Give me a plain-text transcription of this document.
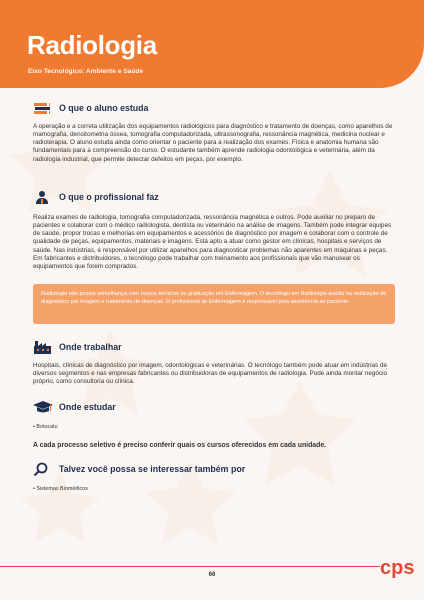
Radiologia
Eixo Tecnológico: Ambiente e Saúde
O que o aluno estuda

A operação e a correta utilização dos equipamentos radiológicos para diagnóstico e tratamento de doenças, como aparelhos de mamografia, densitometria óssea, tomografia computadorizada, ultrassonografia, ressonância magnética, medicina nuclear e radioterapia. O aluno estuda ainda como orientar o paciente para a realização dos exames. Física e anatomia humana são fundamentais para a compreensão do curso. O estudante também aprende radiologia odontológica e veterinária, além da radiologia industrial, que permite detectar defeitos em peças, por exemplo.

O que o profissional faz

Realiza exames de radiologia, tomografia computadorizada, ressonância magnética e outros. Pode auxiliar no preparo de pacientes e colaborar com o médico radiologista, dentista ou veterinário na análise de imagens. Também pode integrar equipes de saúde, propor trocas e melhorias em equipamentos e acessórios de diagnóstico por imagem e colaborar com o controle de qualidade de peças, equipamentos, materiais e imagens. Está apto a atuar como gestor em clínicas, hospitais e serviços de saúde. Nas indústrias, é responsável por utilizar aparelhos para diagnosticar problemas não aparentes em máquinas e peças. Em fabricantes e distribuidores, o tecnólogo pode trabalhar com treinamento aos profissionais que vão manusear os equipamentos que forem comprados.

Radiologia não possui semelhança com cursos técnicos ou graduação em Enfermagem. O tecnólogo em Radiologia auxilia na realização de diagnóstico por imagem e tratamento de doenças. O profissional de Enfermagem é responsável pela assistência ao paciente.

Onde trabalhar

Hospitais, clínicas de diagnóstico por imagem, odontológicas e veterinárias. O tecnólogo também pode atuar em indústrias de diversos segmentos e nas empresas fabricantes ou distribuidoras de equipamentos de radiologia. Pode ainda montar negócio próprio, como consultoria ou clínica.

Onde estudar

• Botucatu

A cada processo seletivo é preciso conferir quais os cursos oferecidos em cada unidade.

Talvez você possa se interessar também por

• Sistemas Biomédicos

66	cps
